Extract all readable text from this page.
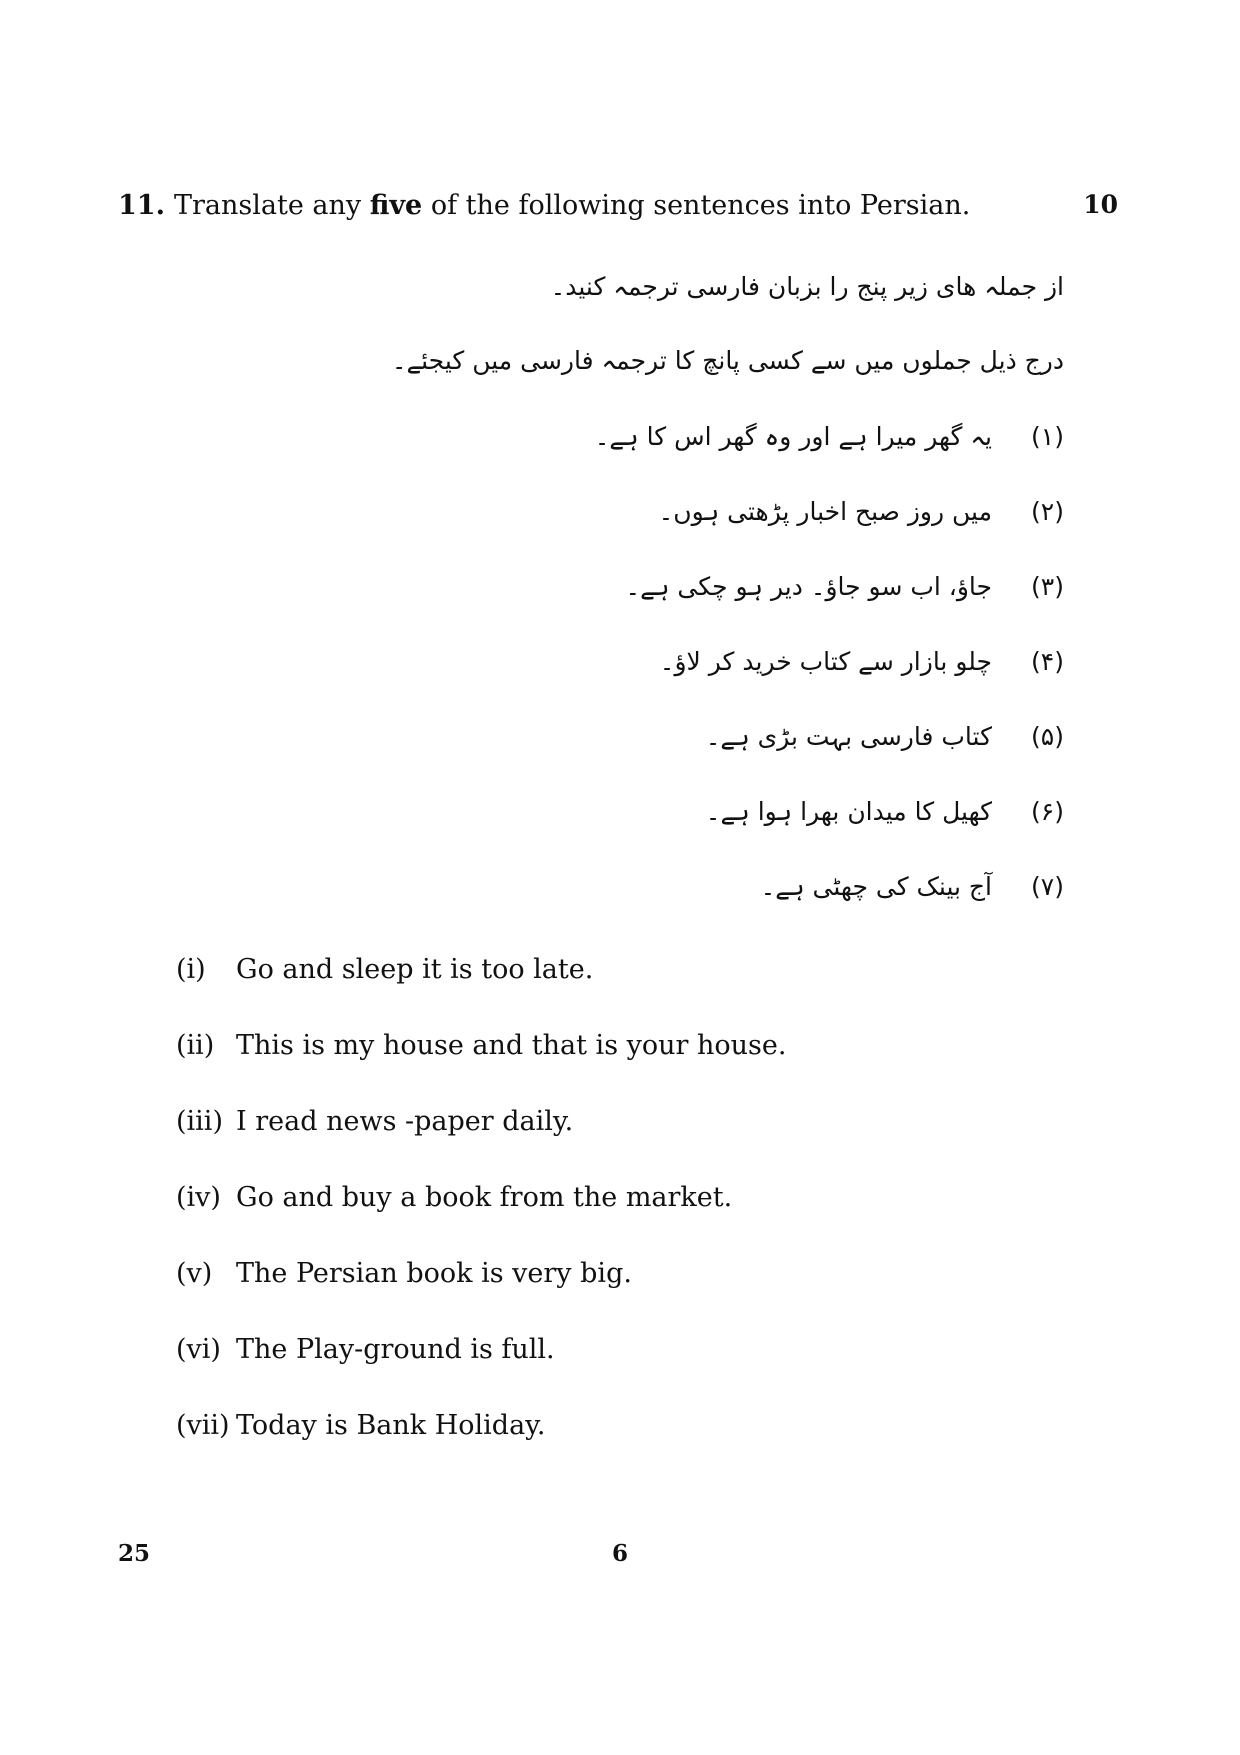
11. Translate any five of the following sentences into Persian.	10
از جملہ ھای زیر پنج را بزبان فارسی ترجمہ کنید۔
درج ذیل جملوں میں سے کسی پانچ کا ترجمہ فارسی میں کیجئے۔
(۱)یہ گھر میرا ہے اور وہ گھر اس کا ہے۔
(۲)میں روز صبح اخبار پڑھتی ہوں۔
(۳)جاؤ، اب سو جاؤ۔ دیر ہو چکی ہے۔
(۴)چلو بازار سے کتاب خرید کر لاؤ۔
(۵)کتاب فارسی بہت بڑی ہے۔
(۶)کھیل کا میدان بھرا ہوا ہے۔
(۷)آج بینک کی چھٹی ہے۔
(i) Go and sleep it is too late.
(ii) This is my house and that is your house.
(iii) I read news -paper daily.
(iv) Go and buy a book from the market.
(v) The Persian book is very big.
(vi) The Play-ground is full.
(vii) Today is Bank Holiday.
25	6
